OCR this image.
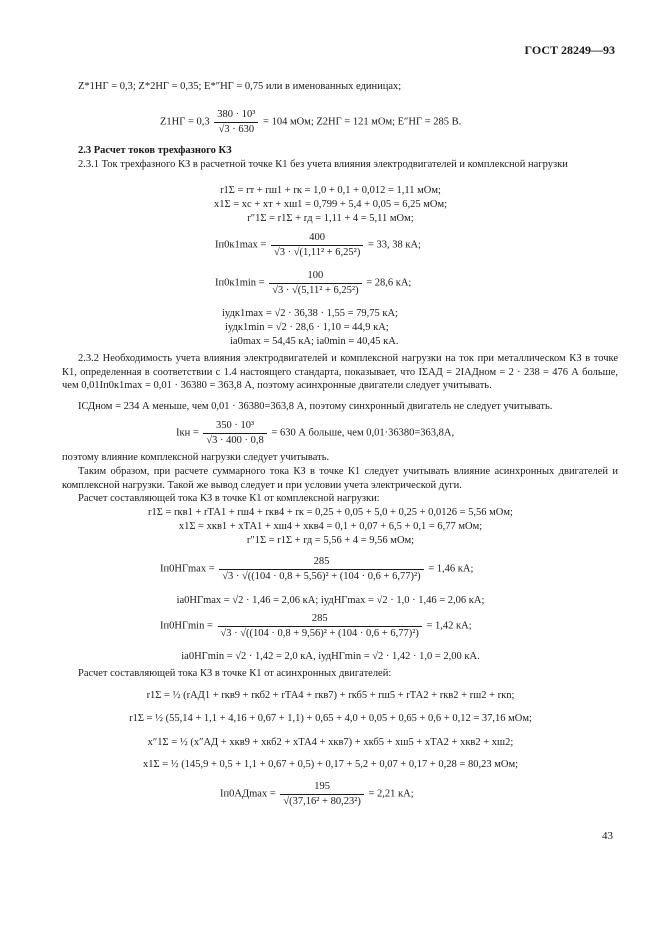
ГОСТ 28249—93
Z*1НГ = 0,3; Z*2НГ = 0,35; E*″НГ = 0,75 или в именованных единицах;
$Z1НГ = 0,3 \frac{\text{380 · 10³}}{√3 \cdot 630} = 104$ мОм; Z2НГ = 121 мОм; E″НГ = 285 В.
2.3 Расчет токов трехфазного КЗ
2.3.1 Ток трехфазного КЗ в расчетной точке К1 без учета влияния электродвигателей и комплексной нагрузки
r1Σ = rт + rш1 + rк = 1,0 + 0,1 + 0,012 = 1,11 мОм;
x1Σ = xс + xт + xш1 = 0,799 + 5,4 + 0,05 = 6,25 мОм;
r″1Σ = r1Σ + rд = 1,11 + 4 = 5,11 мОм;
$Iп0к1\max = \frac{400}{\text{√3 · √(1,11² + 6,25²)}} = 33$, 38 кА;
$Iп0к1\min = \frac{100}{\text{√3 · √(5,11² + 6,25²)}} = 28,6$ кА;
iудк1max = √2 · 36,38 · 1,55 = 79,75 кА;
iудк1min = √2 · 28,6 · 1,10 = 44,9 кА;
ia0max = 54,45 кА; ia0min = 40,45 кА.
2.3.2 Необходимость учета влияния электродвигателей и комплексной нагрузки на ток при металлическом КЗ в точке К1, определенная в соответствии с 1.4 настоящего стандарта, показывает, что IΣАД = 2IАДном = 2 · 238 = 476 А больше, чем 0,01Iп0к1max = 0,01 · 36380 = 363,8 А, поэтому асинхронные двигатели следует учитывать.
IСДном = 234 А меньше, чем 0,01 · 36380=363,8 А, поэтому синхронный двигатель не следует учитывать.
Iкн = $\frac{\text{350 · 10³}}{√3 \cdot 400 \cdot 0,8} = 630$ А больше, чем 0,01·36380=363,8А,
поэтому влияние комплексной нагрузки следует учитывать.
Таким образом, при расчете суммарного тока КЗ в точке К1 следует учитывать влияние асинхронных двигателей и комплексной нагрузки. Такой же вывод следует и при условии учета электрической дуги.
Расчет составляющей тока КЗ в точке К1 от комплексной нагрузки:
r1Σ = rкв1 + rТА1 + rш4 + rкв4 + rк = 0,25 + 0,05 + 5,0 + 0,25 + 0,0126 = 5,56 мОм;
x1Σ = xкв1 + xТА1 + xш4 + xкв4 = 0,1 + 0,07 + 6,5 + 0,1 = 6,77 мОм;
r″1Σ = r1Σ + rд = 5,56 + 4 = 9,56 мОм;
$Iп0НГ\max = \frac{285}{\text{√3 · √((104 · 0,8 + 5,56)² + (104 · 0,6 + 6,77)²)}} = 1,46$ кА;
ia0НГmax = √2 · 1,46 = 2,06 кА; iудНГmax = √2 · 1,0 · 1,46 = 2,06 кА;
$Iп0НГ\min = \frac{285}{\text{√3 · √((104 · 0,8 + 9,56)² + (104 · 0,6 + 6,77)²)}} = 1,42$ кА;
ia0НГmin = √2 · 1,42 = 2,0 кА, iудНГmin = √2 · 1,42 · 1,0 = 2,00 кА.
Расчет составляющей тока КЗ в точке К1 от асинхронных двигателей:
r1Σ = ½ (rАД1 + rкв9 + rкб2 + rТА4 + rкв7) + rкб5 + rш5 + rТА2 + rкв2 + rш2 + rкn;
r1Σ = ½ (55,14 + 1,1 + 4,16 + 0,67 + 1,1) + 0,65 + 4,0 + 0,05 + 0,65 + 0,6 + 0,12 = 37,16 мОм;
x″1Σ = ½ (x″АД + xкв9 + xкб2 + xТА4 + xкв7) + xкб5 + xш5 + xТА2 + xкв2 + xш2;
x1Σ = ½ (145,9 + 0,5 + 1,1 + 0,67 + 0,5) + 0,17 + 5,2 + 0,07 + 0,17 + 0,28 = 80,23 мОм;
$Iп0АД\max = \frac{195}{\text{√(37,16² + 80,23²)}} = 2,21$ кА;
43
